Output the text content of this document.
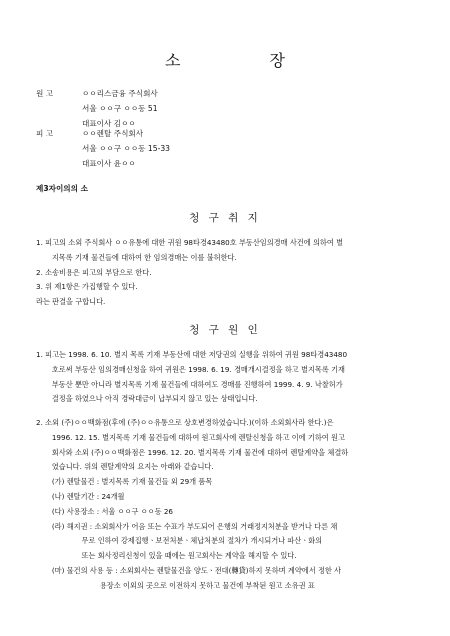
소 장
원 고	ㅇㅇ리스금융 주식회사
서울 ㅇㅇ구 ㅇㅇ동 51
대표이사 김ㅇㅇ
피 고	ㅇㅇ렌탈 주식회사
서울 ㅇㅇ구 ㅇㅇ동 15-33
대표이사 윤ㅇㅇ
제3자이의의 소
청 구 취 지
1. 피고의 소외 주식회사 ㅇㅇ유통에 대한 귀원 98타경43480호 부동산임의경매 사건에 의하여 별
지목록 기재 물건들에 대하여 한 임의경매는 이를 불허한다.
2. 소송비용은 피고의 부담으로 한다.
3. 위 제1항은 가집행할 수 있다.
라는 판결을 구합니다.
청 구 원 인
1. 피고는 1998. 6. 10. 별지 목록 기재 부동산에 대한 저당권의 실행을 위하여 귀원 98타경43480
호로써 부동산 임의경매신청을 하여 귀원은 1998. 6. 19. 경매개시결정을 하고 별지목록 기재
부동산 뿐만 아니라 별지목록 기재 물건들에 대하여도 경매를 진행하여 1999. 4. 9. 낙찰허가
결정을 하였으나 아직 경락대금이 납부되지 않고 있는 상태입니다.
2. 소외 (주)ㅇㅇ백화점(후에 (주)ㅇㅇ유통으로 상호변경하였습니다.)(이하 소외회사라 한다.)은
1996. 12. 15. 별지목록 기재 물건들에 대하여 원고회사에 렌탈신청을 하고 이에 기하여 원고
회사와 소외 (주)ㅇㅇ백화점은 1996. 12. 20. 별지목록 기재 물건에 대하여 렌탈계약을 체결하
였습니다. 위의 렌탈계약의 요지는 아래와 같습니다.
(가) 렌탈물건 : 별지목록 기재 물건들 외 29개 품목
(나) 렌탈기간 : 24개월
(다) 사용장소 : 서울 ㅇㅇ구 ㅇㅇ동 26
(라) 해지권 : 소외회사가 어음 또는 수표가 부도되어 은행의 거래정지처분을 받거나 다른 채
무로 인하여 강제집행ㆍ보전처분ㆍ체납처분의 절차가 개시되거나 파산ㆍ화의
또는 회사정리신청이 있을 때에는 원고회사는 계약을 해지할 수 있다.
(마) 물건의 사용 등 : 소외회사는 렌탈물건을 양도ㆍ전대(轉貸)하지 못하며 계약에서 정한 사
용장소 이외의 곳으로 이전하지 못하고 물건에 부착된 원고 소유권 표
